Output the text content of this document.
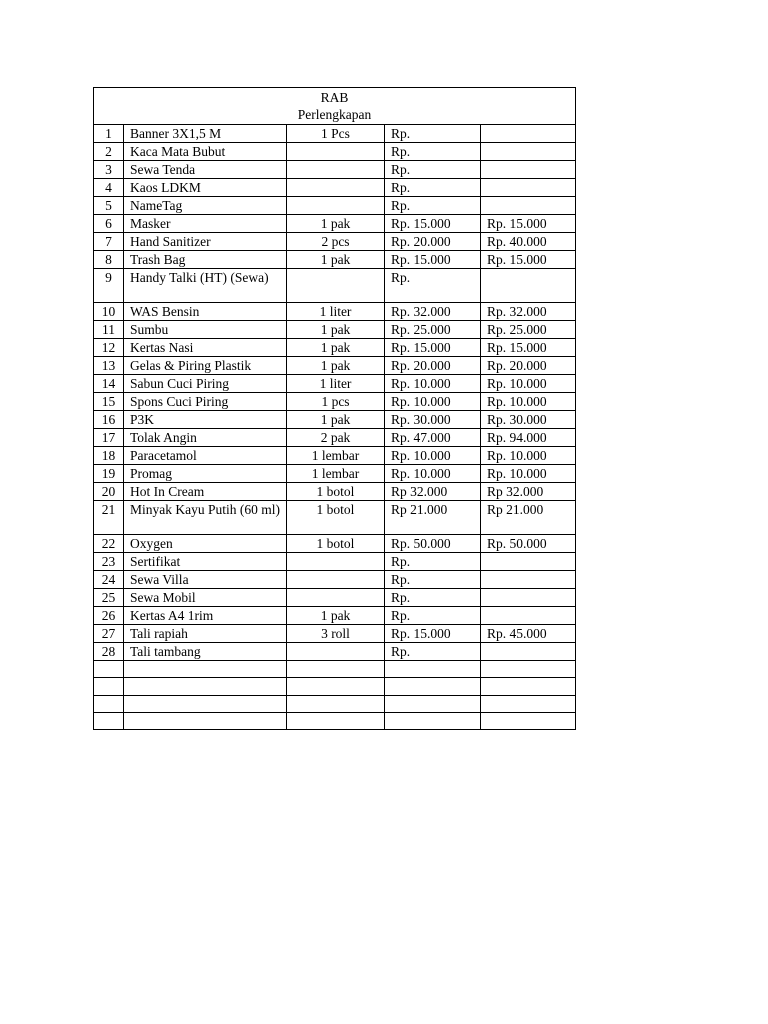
RAB
Perlengkapan				

1	Banner 3X1,5 M	1 Pcs	Rp.	
2	Kaca Mata Bubut		Rp.	
3	Sewa Tenda		Rp.	
4	Kaos LDKM		Rp.	
5	NameTag		Rp.	
6	Masker	1 pak	Rp. 15.000	Rp. 15.000
7	Hand Sanitizer	2 pcs	Rp. 20.000	Rp. 40.000
8	Trash Bag	1 pak	Rp. 15.000	Rp. 15.000
9	Handy Talki (HT) (Sewa)		Rp.	
10	WAS Bensin	1 liter	Rp. 32.000	Rp. 32.000
11	Sumbu	1 pak	Rp. 25.000	Rp. 25.000
12	Kertas Nasi	1 pak	Rp. 15.000	Rp. 15.000
13	Gelas & Piring Plastik	1 pak	Rp. 20.000	Rp. 20.000
14	Sabun Cuci Piring	1 liter	Rp. 10.000	Rp. 10.000
15	Spons Cuci Piring	1 pcs	Rp. 10.000	Rp. 10.000
16	P3K	1 pak	Rp. 30.000	Rp. 30.000
17	Tolak Angin	2 pak	Rp. 47.000	Rp. 94.000
18	Paracetamol	1 lembar	Rp. 10.000	Rp. 10.000
19	Promag	1 lembar	Rp. 10.000	Rp. 10.000
20	Hot In Cream	1 botol	Rp 32.000	Rp 32.000
21	Minyak Kayu Putih (60 ml)	1 botol	Rp 21.000	Rp 21.000
22	Oxygen	1 botol	Rp. 50.000	Rp. 50.000
23	Sertifikat		Rp.	
24	Sewa Villa		Rp.	
25	Sewa Mobil		Rp.	
26	Kertas A4 1rim	1 pak	Rp.	
27	Tali rapiah	3 roll	Rp. 15.000	Rp. 45.000
28	Tali tambang		Rp.	
